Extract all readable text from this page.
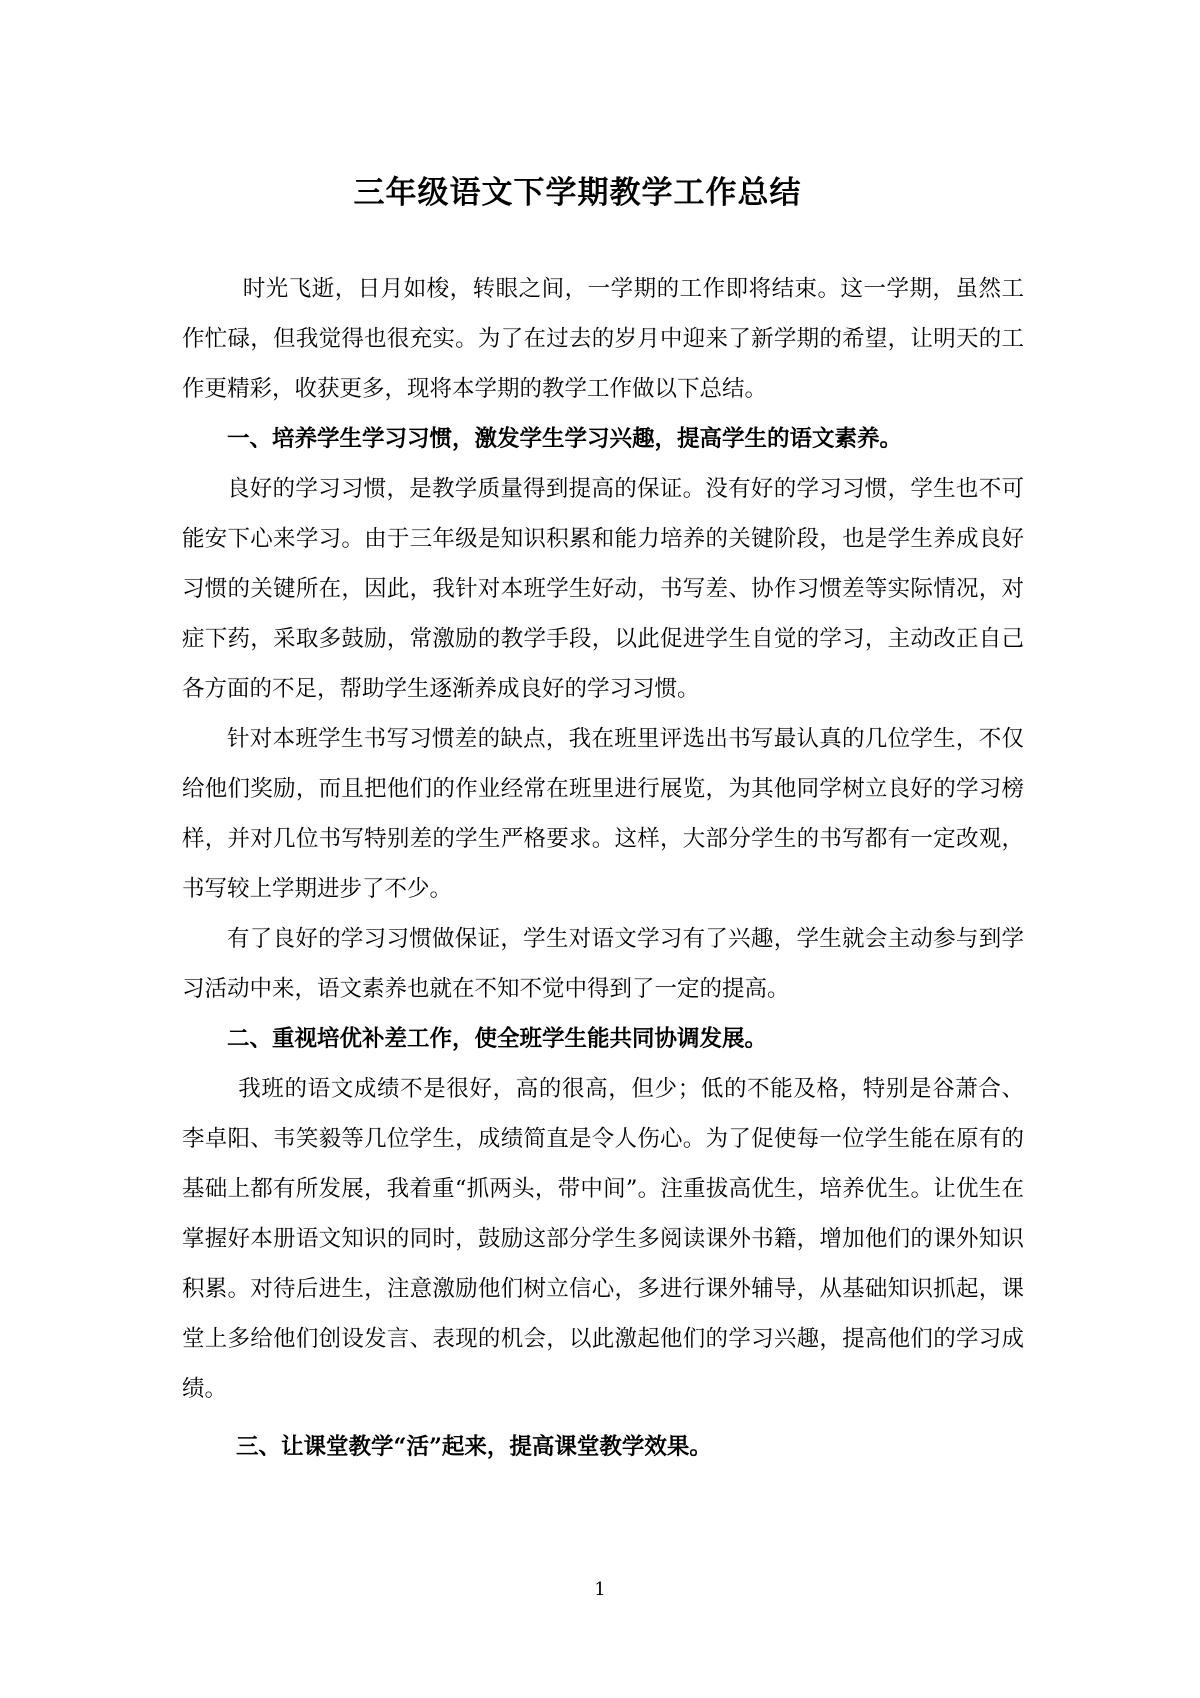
三年级语文下学期教学工作总结

时光飞逝，日月如梭，转眼之间，一学期的工作即将结束。这一学期，虽然工作忙碌，但我觉得也很充实。为了在过去的岁月中迎来了新学期的希望，让明天的工作更精彩，收获更多，现将本学期的教学工作做以下总结。

一、培养学生学习习惯，激发学生学习兴趣，提高学生的语文素养。

良好的学习习惯，是教学质量得到提高的保证。没有好的学习习惯，学生也不可能安下心来学习。由于三年级是知识积累和能力培养的关键阶段，也是学生养成良好习惯的关键所在，因此，我针对本班学生好动，书写差、协作习惯差等实际情况，对症下药，采取多鼓励，常激励的教学手段，以此促进学生自觉的学习，主动改正自己各方面的不足，帮助学生逐渐养成良好的学习习惯。

针对本班学生书写习惯差的缺点，我在班里评选出书写最认真的几位学生，不仅给他们奖励，而且把他们的作业经常在班里进行展览，为其他同学树立良好的学习榜样，并对几位书写特别差的学生严格要求。这样，大部分学生的书写都有一定改观，书写较上学期进步了不少。

有了良好的学习习惯做保证，学生对语文学习有了兴趣，学生就会主动参与到学习活动中来，语文素养也就在不知不觉中得到了一定的提高。

二、重视培优补差工作，使全班学生能共同协调发展。

我班的语文成绩不是很好，高的很高，但少；低的不能及格，特别是谷萧合、李卓阳、韦笑毅等几位学生，成绩简直是令人伤心。为了促使每一位学生能在原有的基础上都有所发展，我着重“抓两头，带中间”。注重拔高优生，培养优生。让优生在掌握好本册语文知识的同时，鼓励这部分学生多阅读课外书籍，增加他们的课外知识积累。对待后进生，注意激励他们树立信心，多进行课外辅导，从基础知识抓起，课堂上多给他们创设发言、表现的机会，以此激起他们的学习兴趣，提高他们的学习成绩。

三、让课堂教学“活”起来，提高课堂教学效果。

1
